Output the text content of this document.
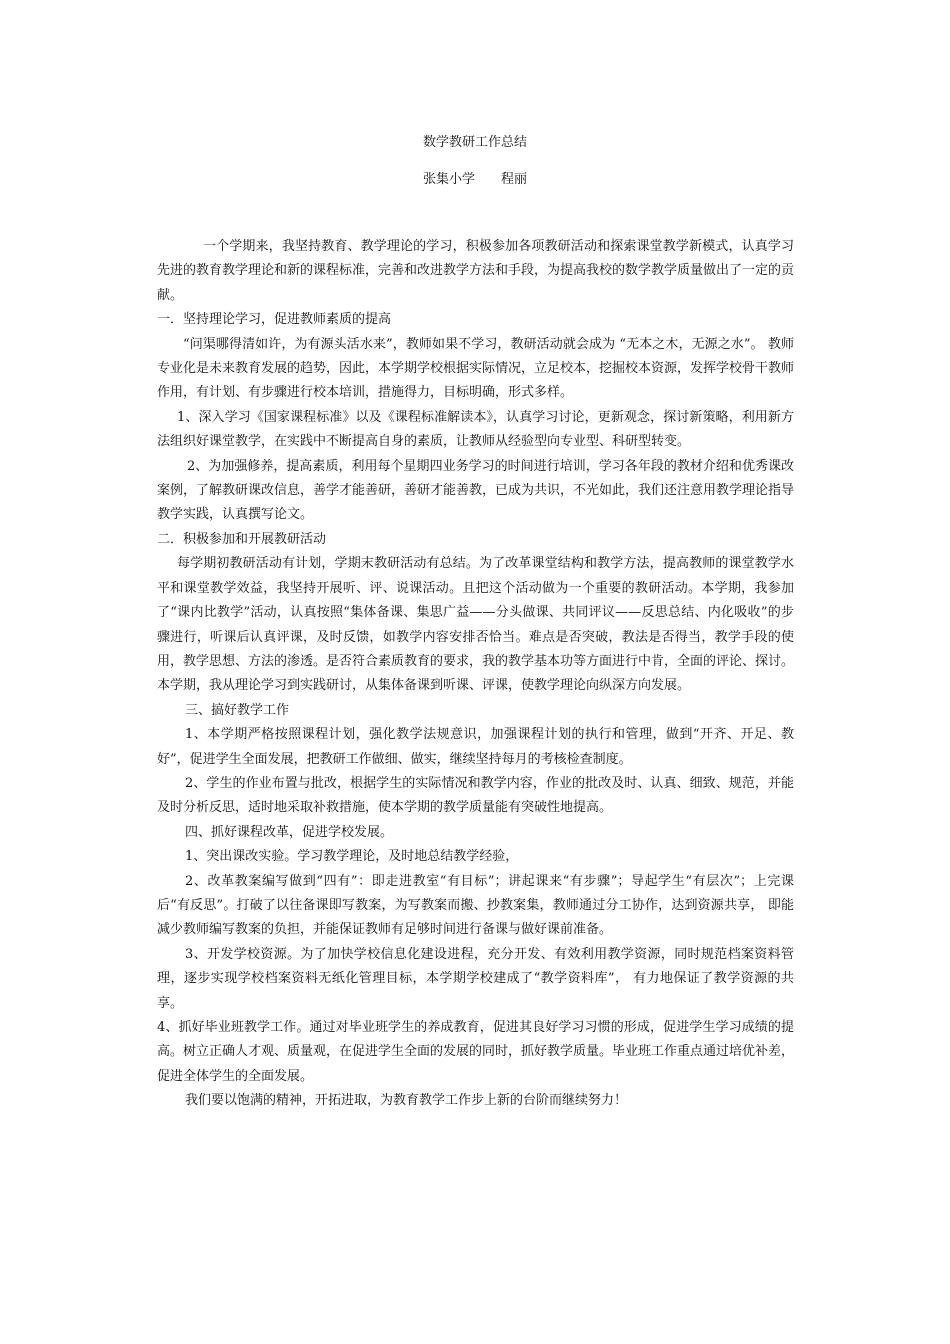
数学教研工作总结
张集小学 程丽

一个学期来，我坚持教育、教学理论的学习，积极参加各项教研活动和探索课堂教学新模式，认真学习先进的教育教学理论和新的课程标准，完善和改进教学方法和手段，为提高我校的数学教学质量做出了一定的贡献。

一．坚持理论学习，促进教师素质的提高

“问渠哪得清如许，为有源头活水来”，教师如果不学习，教研活动就会成为 “无本之木，无源之水”。 教师专业化是未来教育发展的趋势，因此，本学期学校根据实际情况，立足校本，挖掘校本资源，发挥学校骨干教师作用，有计划、有步骤进行校本培训，措施得力，目标明确，形式多样。

1、深入学习《国家课程标准》以及《课程标准解读本》，认真学习讨论，更新观念，探讨新策略，利用新方法组织好课堂教学，在实践中不断提高自身的素质，让教师从经验型向专业型、科研型转变。

2、为加强修养，提高素质，利用每个星期四业务学习的时间进行培训，学习各年段的教材介绍和优秀课改案例，了解教研课改信息，善学才能善研，善研才能善教，已成为共识，不光如此，我们还注意用教学理论指导教学实践，认真撰写论文。

二．积极参加和开展教研活动

每学期初教研活动有计划，学期末教研活动有总结。为了改革课堂结构和教学方法，提高教师的课堂教学水平和课堂教学效益，我坚持开展听、评、说课活动。且把这个活动做为一个重要的教研活动。本学期，我参加了“课内比教学”活动，认真按照“集体备课、集思广益——分头做课、共同评议——反思总结、内化吸收”的步骤进行，听课后认真评课，及时反馈，如教学内容安排否恰当。难点是否突破，教法是否得当，教学手段的使用，教学思想、方法的渗透。是否符合素质教育的要求，我的教学基本功等方面进行中肯，全面的评论、探讨。本学期，我从理论学习到实践研讨，从集体备课到听课、评课，使教学理论向纵深方向发展。

三、搞好教学工作

1、本学期严格按照课程计划，强化教学法规意识，加强课程计划的执行和管理，做到“开齐、开足、教好”，促进学生全面发展，把教研工作做细、做实，继续坚持每月的考核检查制度。

2、学生的作业布置与批改，根据学生的实际情况和教学内容，作业的批改及时、认真、细致、规范，并能及时分析反思，适时地采取补救措施，使本学期的教学质量能有突破性地提高。

四、抓好课程改革，促进学校发展。

1、突出课改实验。学习教学理论，及时地总结教学经验，

2、改革教案编写做到“四有”：即走进教室“有目标”；讲起课来“有步骤”；导起学生“有层次”；上完课后“有反思”。打破了以往备课即写教案，为写教案而搬、抄教案集，教师通过分工协作，达到资源共享， 即能减少教师编写教案的负担，并能保证教师有足够时间进行备课与做好课前准备。

3、开发学校资源。为了加快学校信息化建设进程，充分开发、有效利用教学资源，同时规范档案资料管理，逐步实现学校档案资料无纸化管理目标，本学期学校建成了“教学资料库”， 有力地保证了教学资源的共享。

4、抓好毕业班教学工作。通过对毕业班学生的养成教育，促进其良好学习习惯的形成，促进学生学习成绩的提高。树立正确人才观、质量观，在促进学生全面的发展的同时，抓好教学质量。毕业班工作重点通过培优补差，促进全体学生的全面发展。

我们要以饱满的精神，开拓进取，为教育教学工作步上新的台阶而继续努力！
